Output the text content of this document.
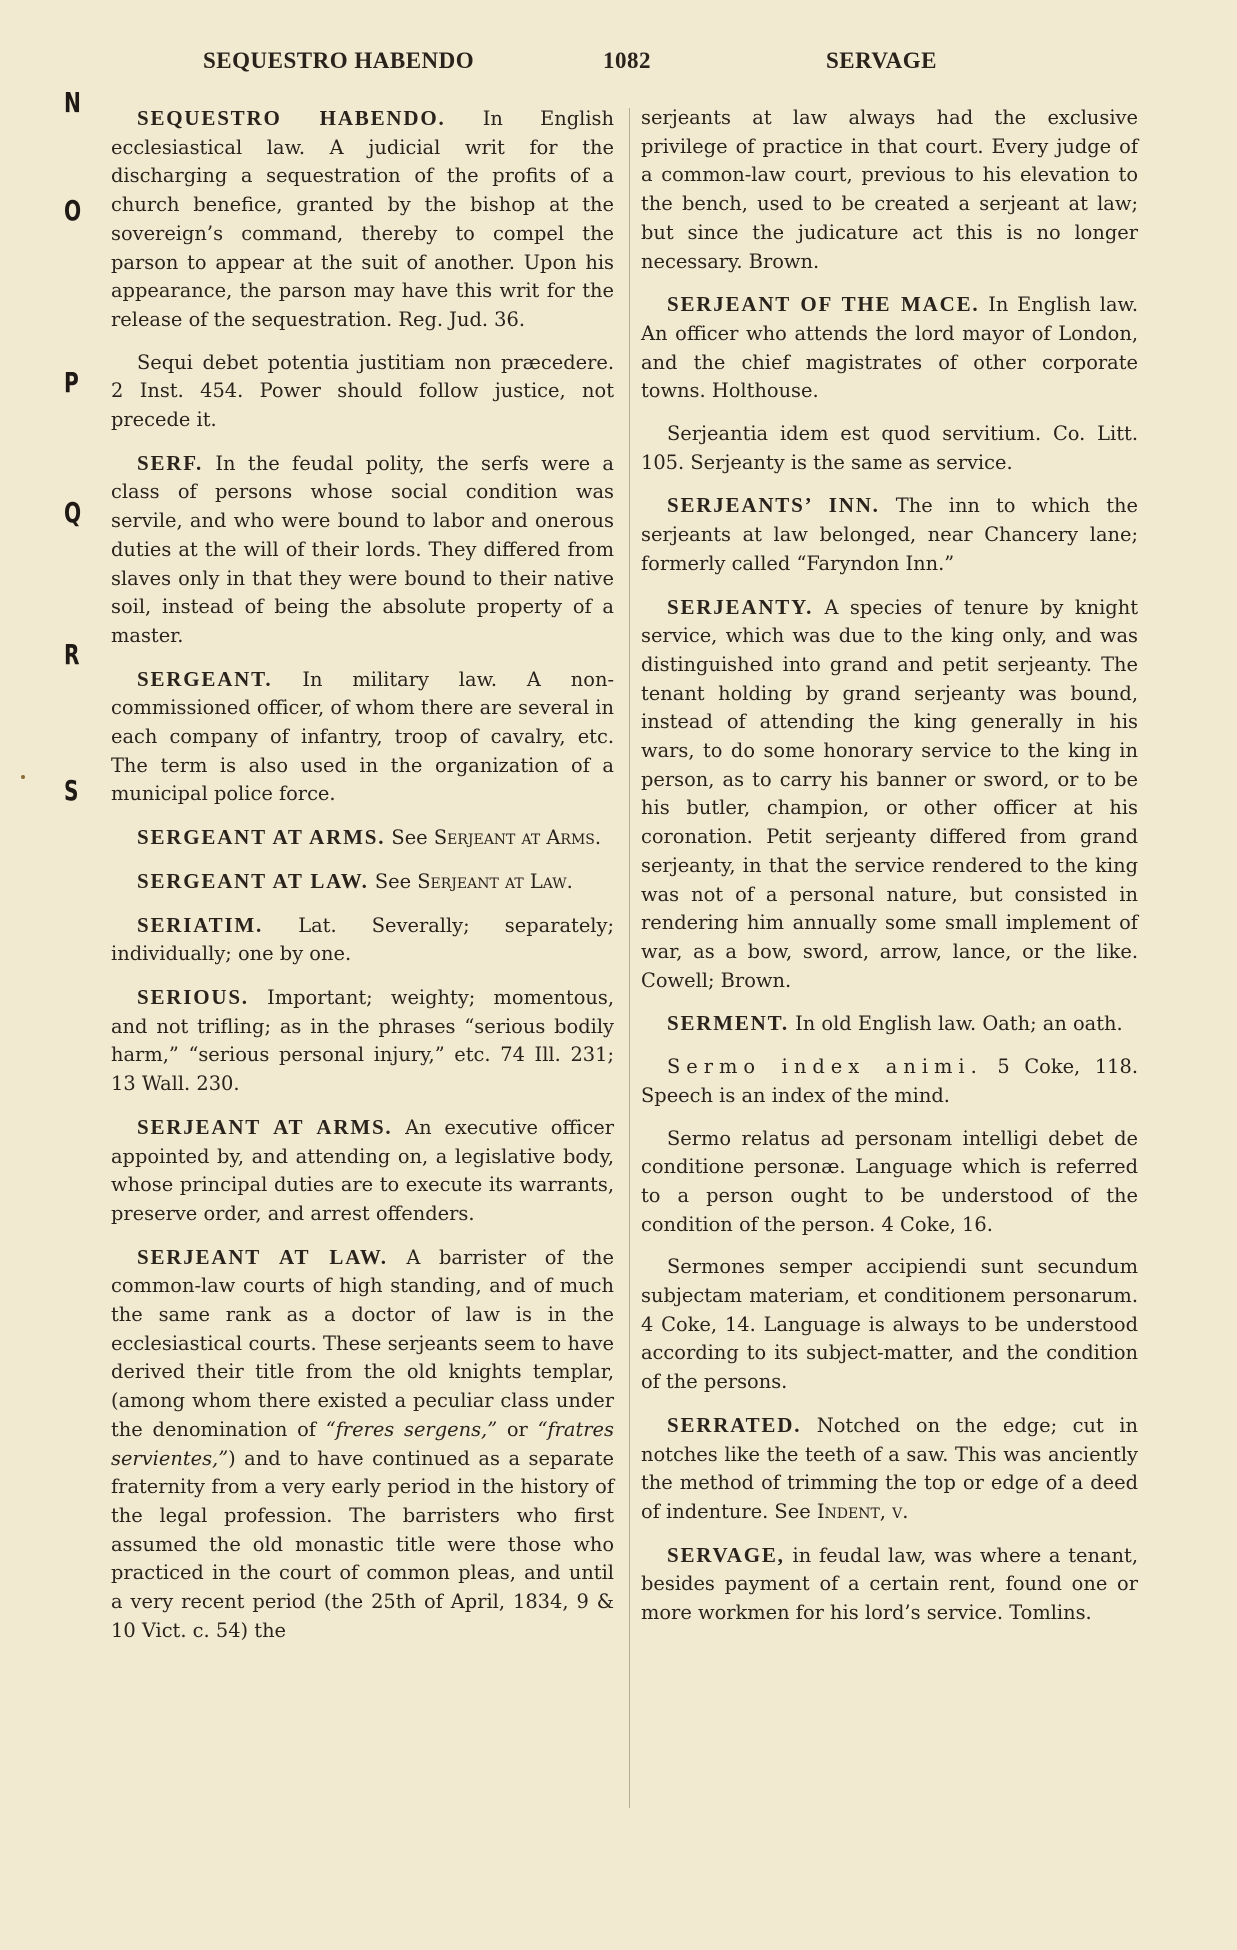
SEQUESTRO HABENDO	1082	SERVAGE
N
O
P
Q
R
S

SEQUESTRO HABENDO. In English ecclesiastical law. A judicial writ for the discharging a sequestration of the profits of a church benefice, granted by the bishop at the sovereign’s command, thereby to compel the parson to appear at the suit of another. Upon his appearance, the parson may have this writ for the release of the sequestration. Reg. Jud. 36.

Sequi debet potentia justitiam non præcedere. 2 Inst. 454. Power should follow justice, not precede it.

SERF. In the feudal polity, the serfs were a class of persons whose social condition was servile, and who were bound to labor and onerous duties at the will of their lords. They differed from slaves only in that they were bound to their native soil, instead of being the absolute property of a master.

SERGEANT. In military law. A non-commissioned officer, of whom there are several in each company of infantry, troop of cavalry, etc. The term is also used in the organization of a municipal police force.

SERGEANT AT ARMS. See Serjeant at Arms.

SERGEANT AT LAW. See Serjeant at Law.

SERIATIM. Lat. Severally; separately; individually; one by one.

SERIOUS. Important; weighty; momentous, and not trifling; as in the phrases “serious bodily harm,” “serious personal injury,” etc. 74 Ill. 231; 13 Wall. 230.

SERJEANT AT ARMS. An executive officer appointed by, and attending on, a legislative body, whose principal duties are to execute its warrants, preserve order, and arrest offenders.

SERJEANT AT LAW. A barrister of the common-law courts of high standing, and of much the same rank as a doctor of law is in the ecclesiastical courts. These serjeants seem to have derived their title from the old knights templar, (among whom there existed a peculiar class under the denomination of “freres sergens,” or “fratres servientes,”) and to have continued as a separate fraternity from a very early period in the history of the legal profession. The barristers who first assumed the old monastic title were those who practiced in the court of common pleas, and until a very recent period (the 25th of April, 1834, 9 & 10 Vict. c. 54) the

serjeants at law always had the exclusive privilege of practice in that court. Every judge of a common-law court, previous to his elevation to the bench, used to be created a serjeant at law; but since the judicature act this is no longer necessary. Brown.

SERJEANT OF THE MACE. In English law. An officer who attends the lord mayor of London, and the chief magistrates of other corporate towns. Holthouse.

Serjeantia idem est quod servitium. Co. Litt. 105. Serjeanty is the same as service.

SERJEANTS’ INN. The inn to which the serjeants at law belonged, near Chancery lane; formerly called “Faryndon Inn.”

SERJEANTY. A species of tenure by knight service, which was due to the king only, and was distinguished into grand and petit serjeanty. The tenant holding by grand serjeanty was bound, instead of attending the king generally in his wars, to do some honorary service to the king in person, as to carry his banner or sword, or to be his butler, champion, or other officer at his coronation. Petit serjeanty differed from grand serjeanty, in that the service rendered to the king was not of a personal nature, but consisted in rendering him annually some small implement of war, as a bow, sword, arrow, lance, or the like. Cowell; Brown.

SERMENT. In old English law. Oath; an oath.

Sermo index animi. 5 Coke, 118. Speech is an index of the mind.

Sermo relatus ad personam intelligi debet de conditione personæ. Language which is referred to a person ought to be understood of the condition of the person. 4 Coke, 16.

Sermones semper accipiendi sunt secundum subjectam materiam, et conditionem personarum. 4 Coke, 14. Language is always to be understood according to its subject-matter, and the condition of the persons.

SERRATED. Notched on the edge; cut in notches like the teeth of a saw. This was anciently the method of trimming the top or edge of a deed of indenture. See Indent, v.

SERVAGE, in feudal law, was where a tenant, besides payment of a certain rent, found one or more workmen for his lord’s service. Tomlins.
